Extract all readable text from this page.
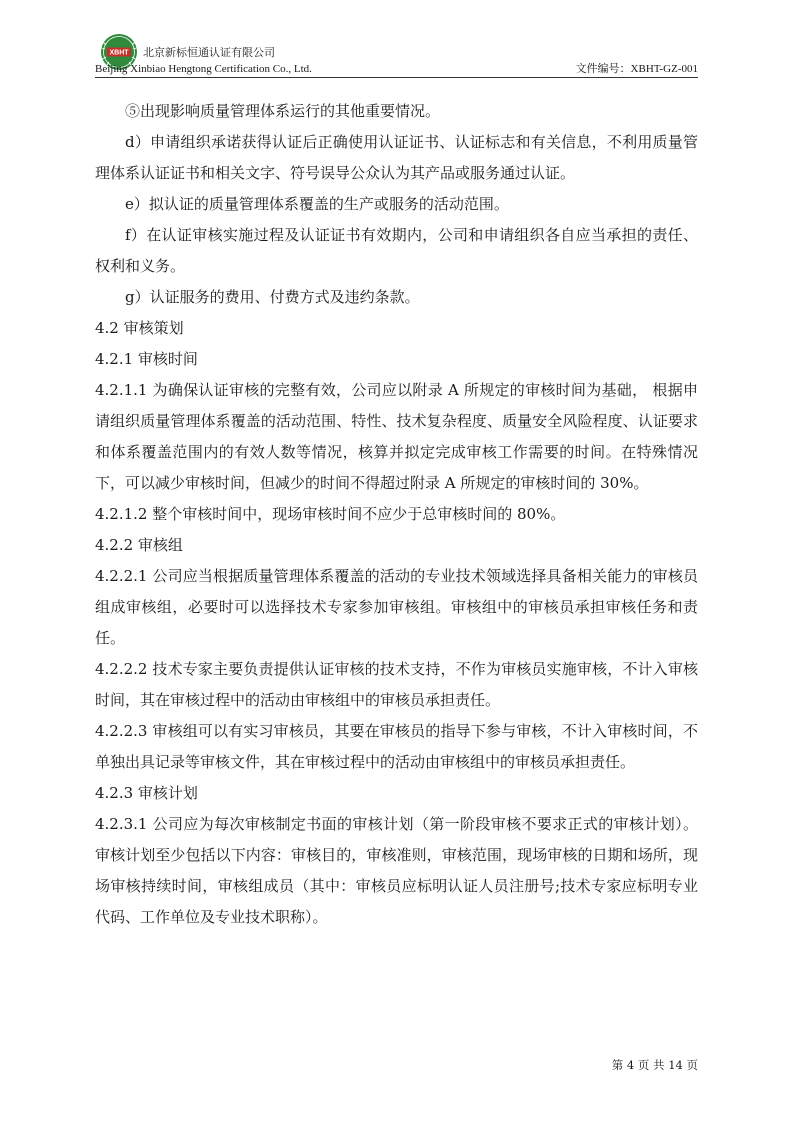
XBHT 北京新标恒通认证有限公司
Beijing Xinbiao Hengtong Certification Co., Ltd.	文件编号：XBHT-GZ-001

⑤出现影响质量管理体系运行的其他重要情况。

d）申请组织承诺获得认证后正确使用认证证书、认证标志和有关信息，不利用质量管理体系认证证书和相关文字、符号误导公众认为其产品或服务通过认证。

e）拟认证的质量管理体系覆盖的生产或服务的活动范围。

f）在认证审核实施过程及认证证书有效期内，公司和申请组织各自应当承担的责任、权利和义务。

g）认证服务的费用、付费方式及违约条款。

4.2 审核策划

4.2.1 审核时间

4.2.1.1 为确保认证审核的完整有效，公司应以附录 A 所规定的审核时间为基础， 根据申请组织质量管理体系覆盖的活动范围、特性、技术复杂程度、质量安全风险程度、认证要求和体系覆盖范围内的有效人数等情况，核算并拟定完成审核工作需要的时间。在特殊情况下，可以减少审核时间，但减少的时间不得超过附录 A 所规定的审核时间的 30%。

4.2.1.2 整个审核时间中，现场审核时间不应少于总审核时间的 80%。

4.2.2 审核组

4.2.2.1 公司应当根据质量管理体系覆盖的活动的专业技术领域选择具备相关能力的审核员组成审核组，必要时可以选择技术专家参加审核组。审核组中的审核员承担审核任务和责任。

4.2.2.2 技术专家主要负责提供认证审核的技术支持，不作为审核员实施审核，不计入审核时间，其在审核过程中的活动由审核组中的审核员承担责任。

4.2.2.3 审核组可以有实习审核员，其要在审核员的指导下参与审核，不计入审核时间，不单独出具记录等审核文件，其在审核过程中的活动由审核组中的审核员承担责任。

4.2.3 审核计划

4.2.3.1 公司应为每次审核制定书面的审核计划（第一阶段审核不要求正式的审核计划）。审核计划至少包括以下内容：审核目的，审核准则，审核范围，现场审核的日期和场所，现场审核持续时间，审核组成员（其中：审核员应标明认证人员注册号;技术专家应标明专业代码、工作单位及专业技术职称）。

第 4 页 共 14 页
